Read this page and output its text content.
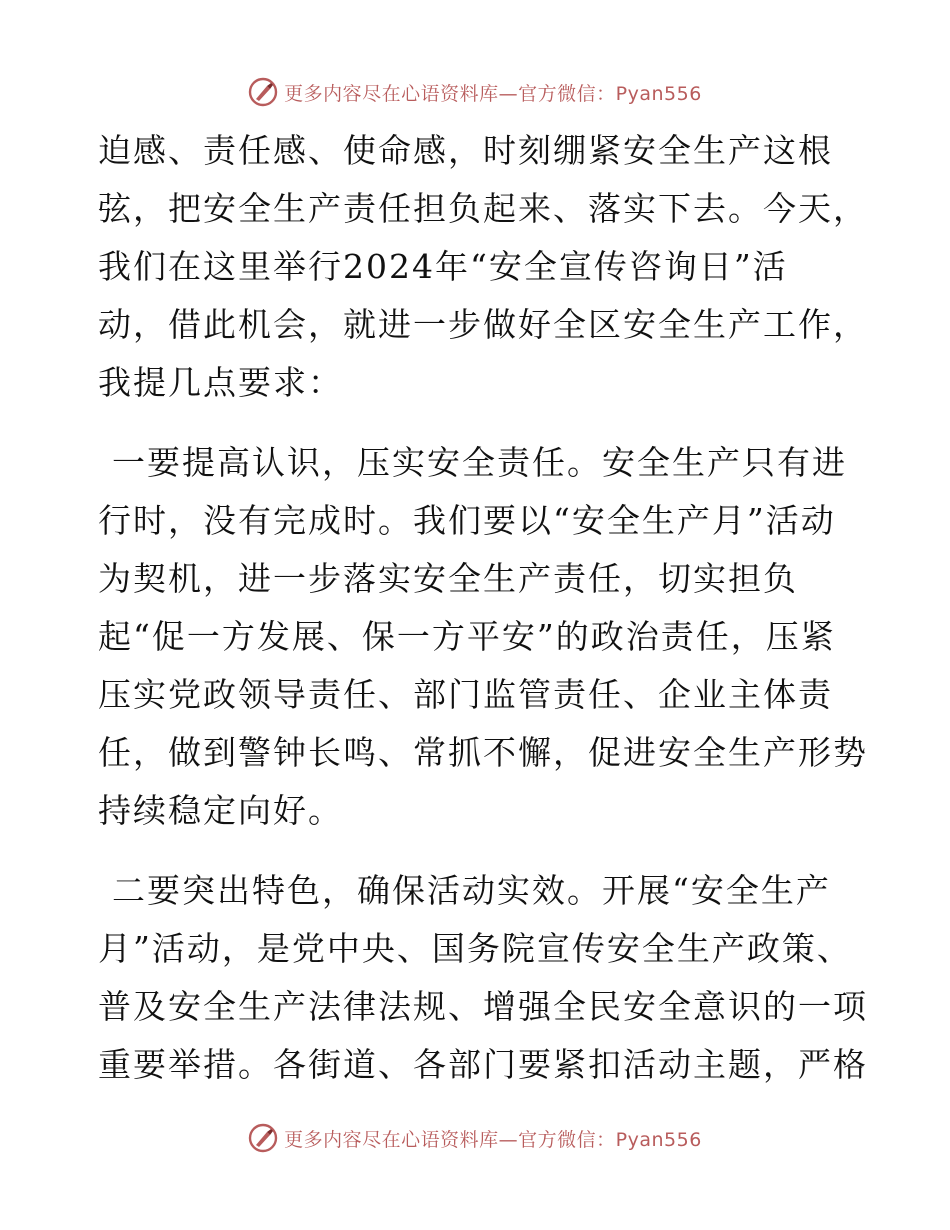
更多内容尽在心语资料库—官方微信：Pyan556

迫感、责任感、使命感，时刻绷紧安全生产这根
弦，把安全生产责任担负起来、落实下去。今天，
我们在这里举行2024年“安全宣传咨询日”活
动，借此机会，就进一步做好全区安全生产工作，
我提几点要求：

一要提高认识，压实安全责任。安全生产只有进
行时，没有完成时。我们要以“安全生产月”活动
为契机，进一步落实安全生产责任，切实担负
起“促一方发展、保一方平安”的政治责任，压紧
压实党政领导责任、部门监管责任、企业主体责
任，做到警钟长鸣、常抓不懈，促进安全生产形势
持续稳定向好。

二要突出特色，确保活动实效。开展“安全生产
月”活动，是党中央、国务院宣传安全生产政策、
普及安全生产法律法规、增强全民安全意识的一项
重要举措。各街道、各部门要紧扣活动主题，严格

更多内容尽在心语资料库—官方微信：Pyan556
